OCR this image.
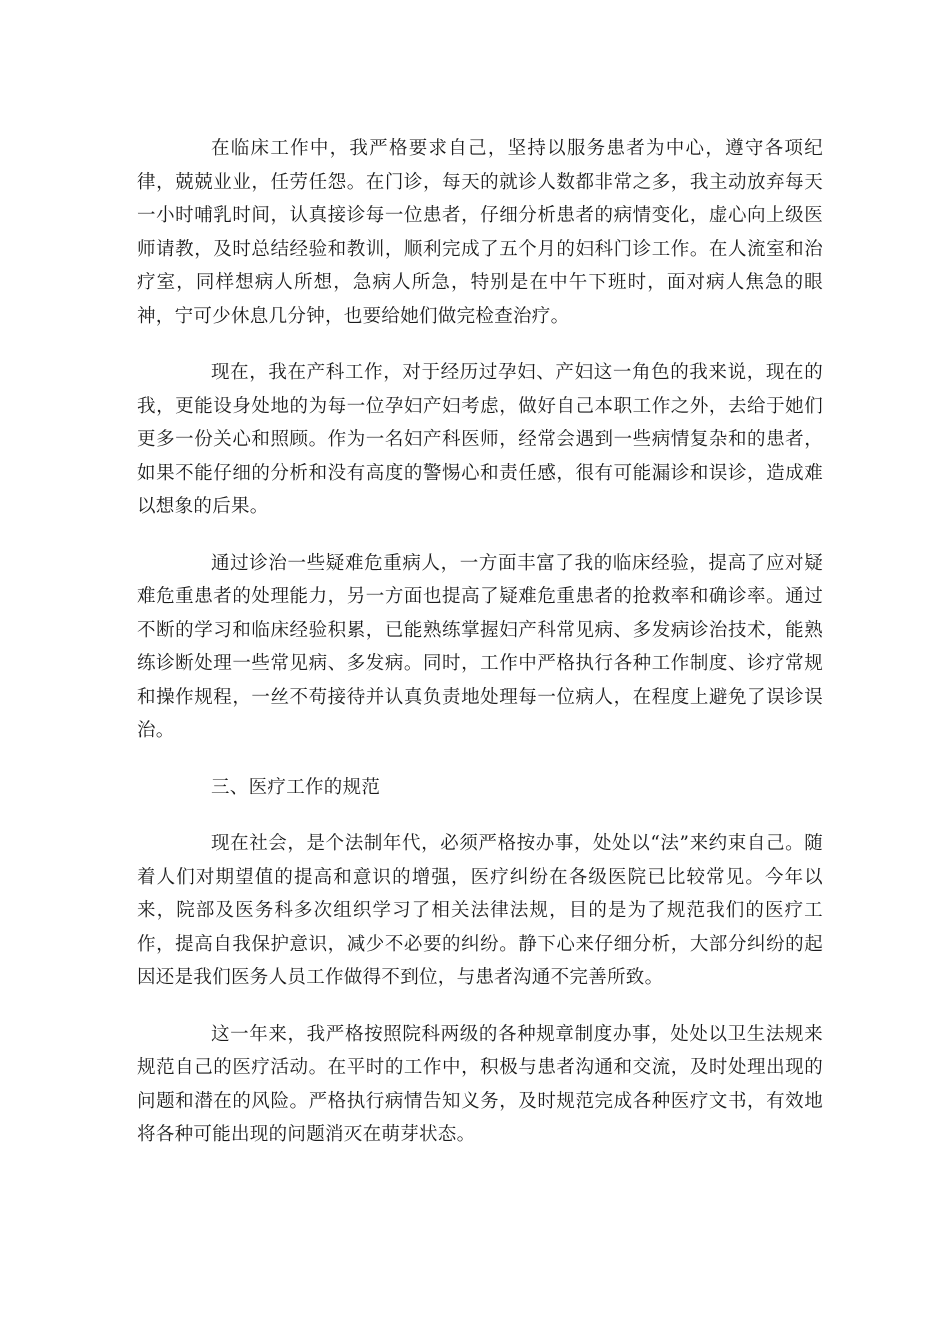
在临床工作中，我严格要求自己，坚持以服务患者为中心，遵守各项纪律，兢兢业业，任劳任怨。在门诊，每天的就诊人数都非常之多，我主动放弃每天一小时哺乳时间，认真接诊每一位患者，仔细分析患者的病情变化，虚心向上级医师请教，及时总结经验和教训，顺利完成了五个月的妇科门诊工作。在人流室和治疗室，同样想病人所想，急病人所急，特别是在中午下班时，面对病人焦急的眼神，宁可少休息几分钟，也要给她们做完检查治疗。

现在，我在产科工作，对于经历过孕妇、产妇这一角色的我来说，现在的我，更能设身处地的为每一位孕妇产妇考虑，做好自己本职工作之外，去给于她们更多一份关心和照顾。作为一名妇产科医师，经常会遇到一些病情复杂和的患者，如果不能仔细的分析和没有高度的警惕心和责任感，很有可能漏诊和误诊，造成难以想象的后果。

通过诊治一些疑难危重病人，一方面丰富了我的临床经验，提高了应对疑难危重患者的处理能力，另一方面也提高了疑难危重患者的抢救率和确诊率。通过不断的学习和临床经验积累，已能熟练掌握妇产科常见病、多发病诊治技术，能熟练诊断处理一些常见病、多发病。同时，工作中严格执行各种工作制度、诊疗常规和操作规程，一丝不苟接待并认真负责地处理每一位病人，在程度上避免了误诊误治。

三、医疗工作的规范

现在社会，是个法制年代，必须严格按办事，处处以“法”来约束自己。随着人们对期望值的提高和意识的增强，医疗纠纷在各级医院已比较常见。今年以来，院部及医务科多次组织学习了相关法律法规，目的是为了规范我们的医疗工作，提高自我保护意识，减少不必要的纠纷。静下心来仔细分析，大部分纠纷的起因还是我们医务人员工作做得不到位，与患者沟通不完善所致。

这一年来，我严格按照院科两级的各种规章制度办事，处处以卫生法规来规范自己的医疗活动。在平时的工作中，积极与患者沟通和交流，及时处理出现的问题和潜在的风险。严格执行病情告知义务，及时规范完成各种医疗文书，有效地将各种可能出现的问题消灭在萌芽状态。
